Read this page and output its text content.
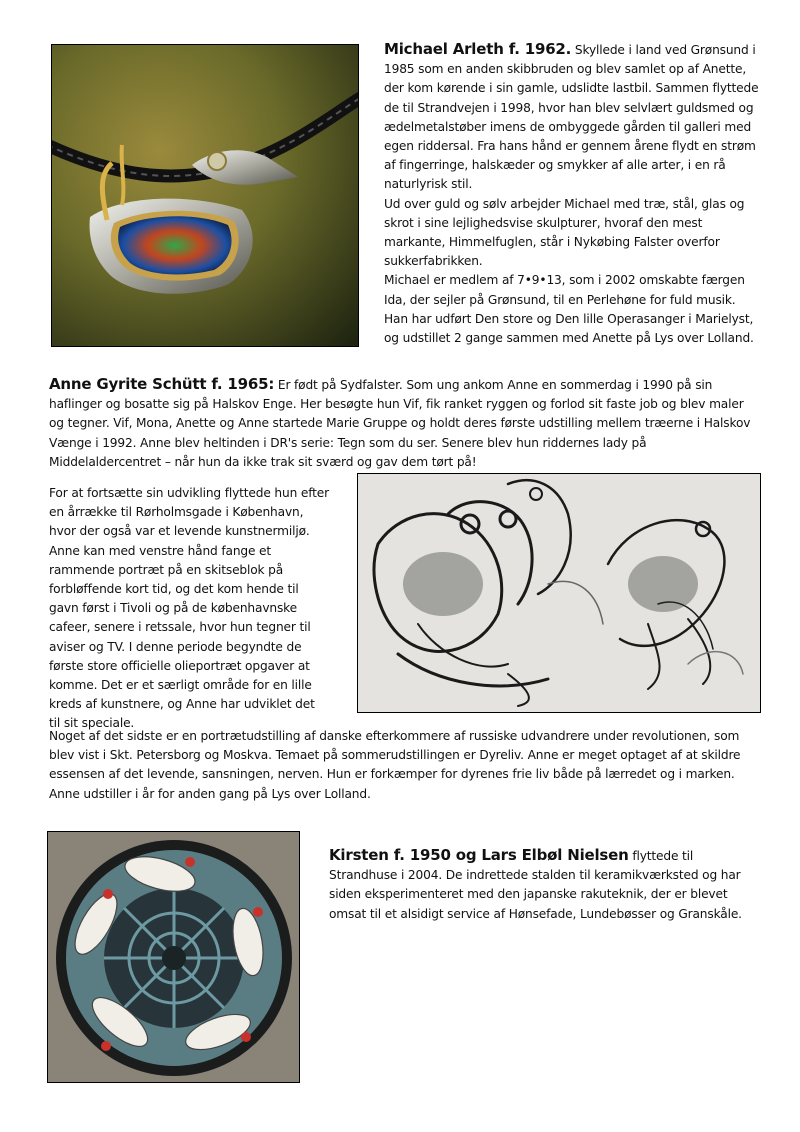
Michael Arleth f. 1962. Skyllede i land ved Grønsund i 1985 som en anden skibbruden og blev samlet op af Anette, der kom kørende i sin gamle, udslidte lastbil. Sammen flyttede de til Strandvejen i 1998, hvor han blev selvlært guldsmed og ædelmetalstøber imens de ombyggede gården til galleri med egen riddersal. Fra hans hånd er gennem årene flydt en strøm af fingerringe, halskæder og smykker af alle arter, i en rå naturlyrisk stil.

Ud over guld og sølv arbejder Michael med træ, stål, glas og skrot i sine lejlighedsvise skulpturer, hvoraf den mest markante, Himmelfuglen, står i Nykøbing Falster overfor sukkerfabrikken.

Michael er medlem af 7•9•13, som i 2002 omskabte færgen Ida, der sejler på Grønsund, til en Perlehøne for fuld musik. Han har udført Den store og Den lille Operasanger i Marielyst, og udstillet 2 gange sammen med Anette på Lys over Lolland.

Anne Gyrite Schütt f. 1965: Er født på Sydfalster. Som ung ankom Anne en sommerdag i 1990 på sin haflinger og bosatte sig på Halskov Enge. Her besøgte hun Vif, fik ranket ryggen og forlod sit faste job og blev maler og tegner. Vif, Mona, Anette og Anne startede Marie Gruppe og holdt deres første udstilling mellem træerne i Halskov Vænge i 1992. Anne blev heltinden i DR's serie: Tegn som du ser. Senere blev hun riddernes lady på Middelaldercentret – når hun da ikke trak sit sværd og gav dem tørt på!

For at fortsætte sin udvikling flyttede hun efter en årrække til Rørholmsgade i København, hvor der også var et levende kunstnermiljø. Anne kan med venstre hånd fange et rammende portræt på en skitseblok på forbløffende kort tid, og det kom hende til gavn først i Tivoli og på de københavnske cafeer, senere i retssale, hvor hun tegner til aviser og TV. I denne periode begyndte de første store officielle olieportræt opgaver at komme. Det er et særligt område for en lille kreds af kunstnere, og Anne har udviklet det til sit speciale.

Noget af det sidste er en portrætudstilling af danske efterkommere af russiske udvandrere under revolutionen, som blev vist i Skt. Petersborg og Moskva. Temaet på sommerudstillingen er Dyreliv. Anne er meget optaget af at skildre essensen af det levende, sansningen, nerven. Hun er forkæmper for dyrenes frie liv både på lærredet og i marken. Anne udstiller i år for anden gang på Lys over Lolland.

Kirsten f. 1950 og Lars Elbøl Nielsen flyttede til Strandhuse i 2004. De indrettede stalden til keramikværksted og har siden eksperimenteret med den japanske rakuteknik, der er blevet omsat til et alsidigt service af Hønsefade, Lundebøsser og Granskåle.
